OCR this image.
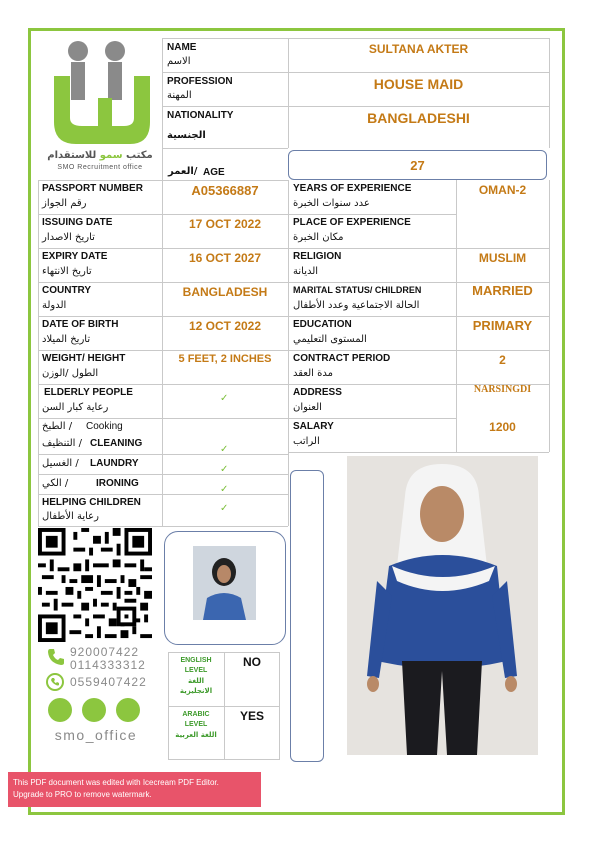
مكتب سمو للاستقدام
SMO Recruitment office
NAME
الاسم
SULTANA AKTER
PROFESSION
المهنة
HOUSE MAID
NATIONALITY
الجنسية
BANGLADESHI
العمر/ AGE	27
PASSPORT NUMBER
رقم الجواز
A05366887
ISSUING DATE
تاريخ الاصدار
17 OCT 2022
EXPIRY DATE
تاريخ الانتهاء
16 OCT 2027
COUNTRY
الدولة
BANGLADESH
DATE OF BIRTH
تاريخ الميلاد
12 OCT 2022
WEIGHT/ HEIGHT
الطول /الوزن
5 FEET, 2 INCHES
ELDERLY PEOPLE
رعاية كبار السن
✓
الطبخ / Cooking
التنظيف / CLEANING
✓
الغسيل / LAUNDRY
✓
الكي /	IRONING
✓
HELPING CHILDREN
رعاية الأطفال
✓
YEARS OF EXPERIENCE
عدد سنوات الخبرة
OMAN-2
PLACE OF EXPERIENCE
مكان الخبرة
RELIGION
الديانة
MUSLIM
MARITAL STATUS/ CHILDREN
الحالة الاجتماعية وعدد الأطفال
MARRIED
EDUCATION
المستوى التعليمي
PRIMARY
CONTRACT PERIOD
مدة العقد
2
ADDRESS
العنوان
NARSINGDI
SALARY
الراتب
1200
920007422
0114333312
0559407422
smo_office
ENGLISH
LEVEL
اللغة
الانجليزية
NO
ARABIC
LEVEL
اللغة العربية
YES
This PDF document was edited with Icecream PDF Editor.
Upgrade to PRO to remove watermark.
